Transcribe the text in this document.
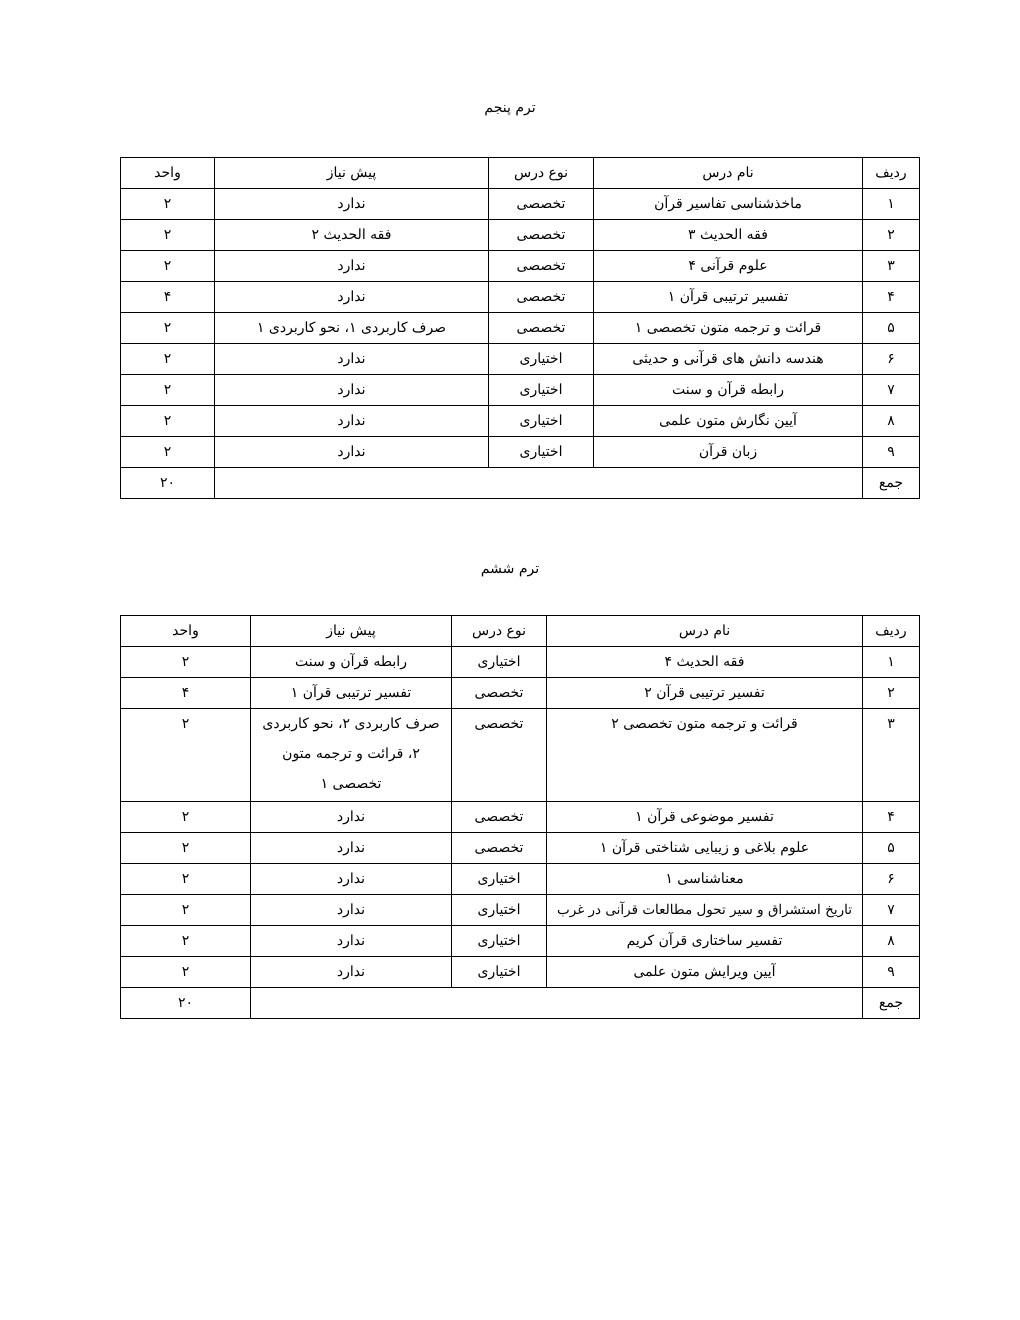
ترم پنجم
ردیف	نام درس	نوع درس	پیش نیاز	واحد
۱	ماخذشناسی تفاسیر قرآن	تخصصی	ندارد	۲
۲	فقه الحدیث ۳	تخصصی	فقه الحدیث ۲	۲
۳	علوم قرآنی ۴	تخصصی	ندارد	۲
۴	تفسیر ترتیبی قرآن ۱	تخصصی	ندارد	۴
۵	قرائت و ترجمه متون تخصصی ۱	تخصصی	صرف کاربردی ۱، نحو کاربردی ۱	۲
۶	هندسه دانش های قرآنی و حدیثی	اختیاری	ندارد	۲
۷	رابطه قرآن و سنت	اختیاری	ندارد	۲
۸	آیین نگارش متون علمی	اختیاری	ندارد	۲
۹	زبان قرآن	اختیاری	ندارد	۲
جمع				۲۰
ترم ششم
ردیف	نام درس	نوع درس	پیش نیاز	واحد
۱	فقه الحدیث ۴	اختیاری	رابطه قرآن و سنت	۲
۲	تفسیر ترتیبی قرآن ۲	تخصصی	تفسیر ترتیبی قرآن ۱	۴
۳	قرائت و ترجمه متون تخصصی ۲	تخصصی	صرف کاربردی ۲، نحو کاربردی ۲، قرائت و ترجمه متون تخصصی ۱	۲
۴	تفسیر موضوعی قرآن ۱	تخصصی	ندارد	۲
۵	علوم بلاغی و زیبایی شناختی قرآن ۱	تخصصی	ندارد	۲
۶	معناشناسی ۱	اختیاری	ندارد	۲
۷	تاریخ استشراق و سیر تحول مطالعات قرآنی در غرب	اختیاری	ندارد	۲
۸	تفسیر ساختاری قرآن کریم	اختیاری	ندارد	۲
۹	آیین ویرایش متون علمی	اختیاری	ندارد	۲
جمع				۲۰
